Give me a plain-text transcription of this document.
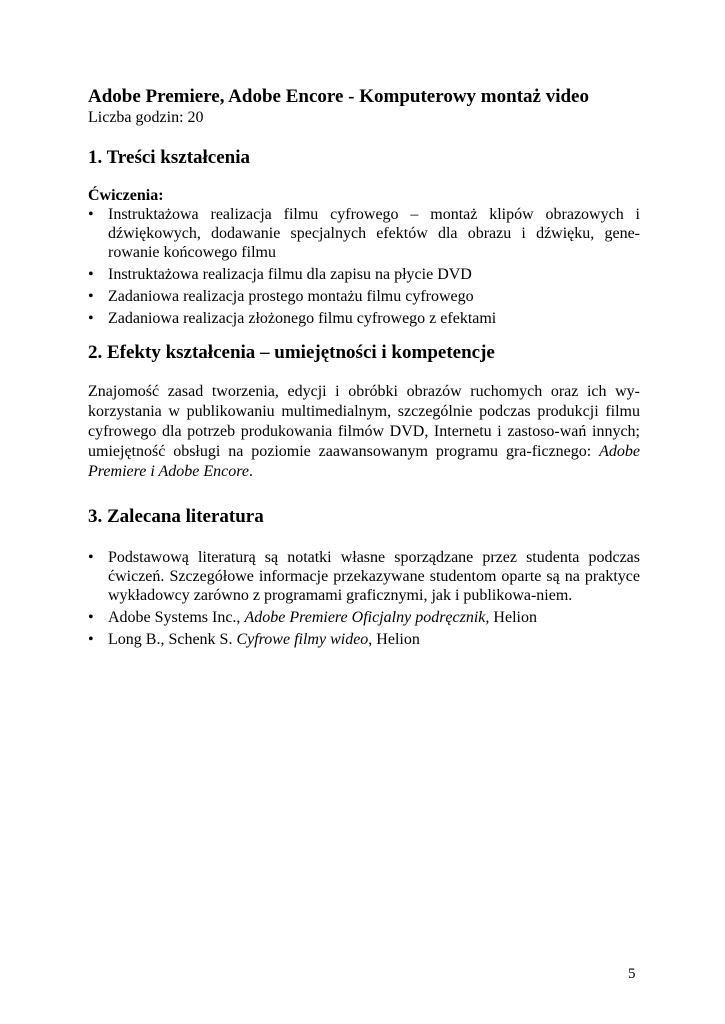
Adobe Premiere, Adobe Encore - Komputerowy montaż video

Liczba godzin: 20

1. Treści kształcenia

Ćwiczenia:

• Instruktażowa realizacja filmu cyfrowego – montaż klipów obrazowych i dźwiękowych, dodawanie specjalnych efektów dla obrazu i dźwięku, gene-rowanie końcowego filmu
• Instruktażowa realizacja filmu dla zapisu na płycie DVD
• Zadaniowa realizacja prostego montażu filmu cyfrowego
• Zadaniowa realizacja złożonego filmu cyfrowego z efektami
2. Efekty kształcenia – umiejętności i kompetencje

Znajomość zasad tworzenia, edycji i obróbki obrazów ruchomych oraz ich wy-korzystania w publikowaniu multimedialnym, szczególnie podczas produkcji filmu cyfrowego dla potrzeb produkowania filmów DVD, Internetu i zastoso-wań innych; umiejętność obsługi na poziomie zaawansowanym programu gra-ficznego: Adobe Premiere i Adobe Encore.

3. Zalecana literatura
• Podstawową literaturą są notatki własne sporządzane przez studenta podczas ćwiczeń. Szczegółowe informacje przekazywane studentom oparte są na praktyce wykładowcy zarówno z programami graficznymi, jak i publikowa-niem.
• Adobe Systems Inc., Adobe Premiere Oficjalny podręcznik, Helion
• Long B., Schenk S. Cyfrowe filmy wideo, Helion
5
